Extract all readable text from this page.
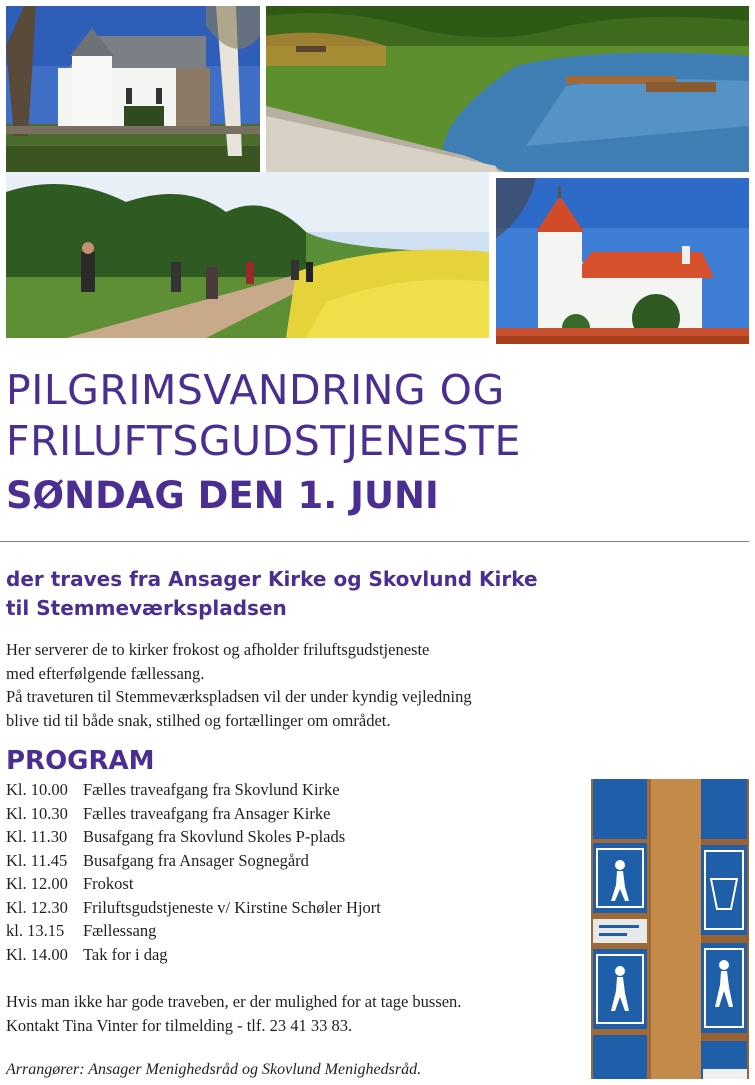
PILGRIMSVANDRING OG
FRILUFTSGUDSTJENESTE
SØNDAG DEN 1. JUNI
der traves fra Ansager Kirke og Skovlund Kirke
til Stemmeværkspladsen
Her serverer de to kirker frokost og afholder friluftsgudstjeneste
med efterfølgende fællessang.
På traveturen til Stemmeværkspladsen vil der under kyndig vejledning
blive tid til både snak, stilhed og fortællinger om området.
PROGRAM
Kl. 10.00 Fælles traveafgang fra Skovlund Kirke
Kl. 10.30 Fælles traveafgang fra Ansager Kirke
Kl. 11.30 Busafgang fra Skovlund Skoles P-plads
Kl. 11.45 Busafgang fra Ansager Sognegård
Kl. 12.00 Frokost
Kl. 12.30 Friluftsgudstjeneste v/ Kirstine Schøler Hjort
kl. 13.15 Fællessang
Kl. 14.00 Tak for i dag
Hvis man ikke har gode traveben, er der mulighed for at tage bussen.
Kontakt Tina Vinter for tilmelding - tlf. 23 41 33 83.
Arrangører: Ansager Menighedsråd og Skovlund Menighedsråd.
